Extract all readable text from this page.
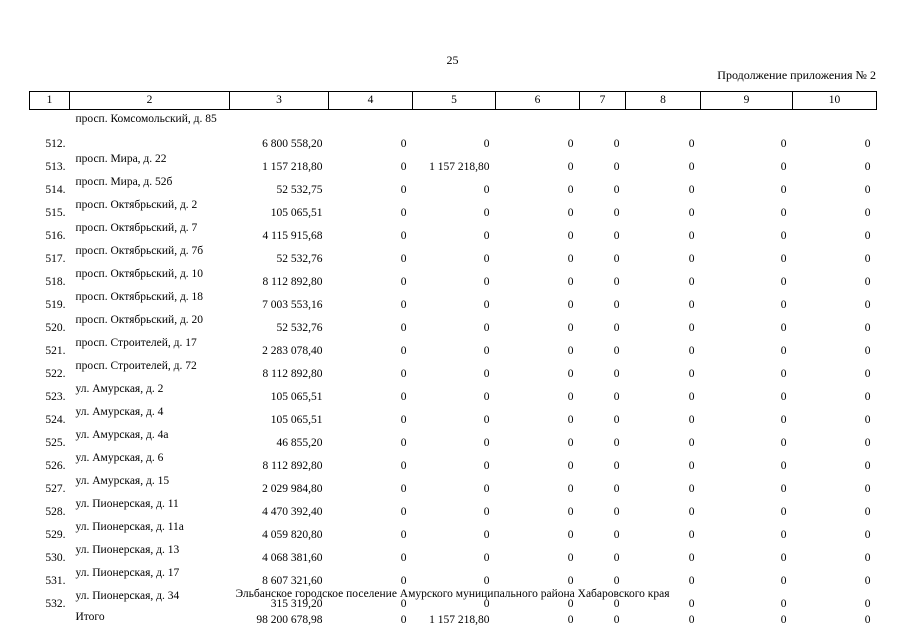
25
Продолжение приложения № 2
1	2	3	4	5	6	7	8	9	10
512.	просп. Комсомольский, д. 85	6 800 558,20	0	0	0	0	0	0	0
513.	просп. Мира, д. 22	1 157 218,80	0	1 157 218,80	0	0	0	0	0
514.	просп. Мира, д. 52б	52 532,75	0	0	0	0	0	0	0
515.	просп. Октябрьский, д. 2	105 065,51	0	0	0	0	0	0	0
516.	просп. Октябрьский, д. 7	4 115 915,68	0	0	0	0	0	0	0
517.	просп. Октябрьский, д. 7б	52 532,76	0	0	0	0	0	0	0
518.	просп. Октябрьский, д. 10	8 112 892,80	0	0	0	0	0	0	0
519.	просп. Октябрьский, д. 18	7 003 553,16	0	0	0	0	0	0	0
520.	просп. Октябрьский, д. 20	52 532,76	0	0	0	0	0	0	0
521.	просп. Строителей, д. 17	2 283 078,40	0	0	0	0	0	0	0
522.	просп. Строителей, д. 72	8 112 892,80	0	0	0	0	0	0	0
523.	ул. Амурская, д. 2	105 065,51	0	0	0	0	0	0	0
524.	ул. Амурская, д. 4	105 065,51	0	0	0	0	0	0	0
525.	ул. Амурская, д. 4а	46 855,20	0	0	0	0	0	0	0
526.	ул. Амурская, д. 6	8 112 892,80	0	0	0	0	0	0	0
527.	ул. Амурская, д. 15	2 029 984,80	0	0	0	0	0	0	0
528.	ул. Пионерская, д. 11	4 470 392,40	0	0	0	0	0	0	0
529.	ул. Пионерская, д. 11а	4 059 820,80	0	0	0	0	0	0	0
530.	ул. Пионерская, д. 13	4 068 381,60	0	0	0	0	0	0	0
531.	ул. Пионерская, д. 17	8 607 321,60	0	0	0	0	0	0	0
532.	ул. Пионерская, д. 34	315 319,20	0	0	0	0	0	0	0
	Итого	98 200 678,98	0	1 157 218,80	0	0	0	0	0
Эльбанское городское поселение Амурского муниципального района Хабаровского края
